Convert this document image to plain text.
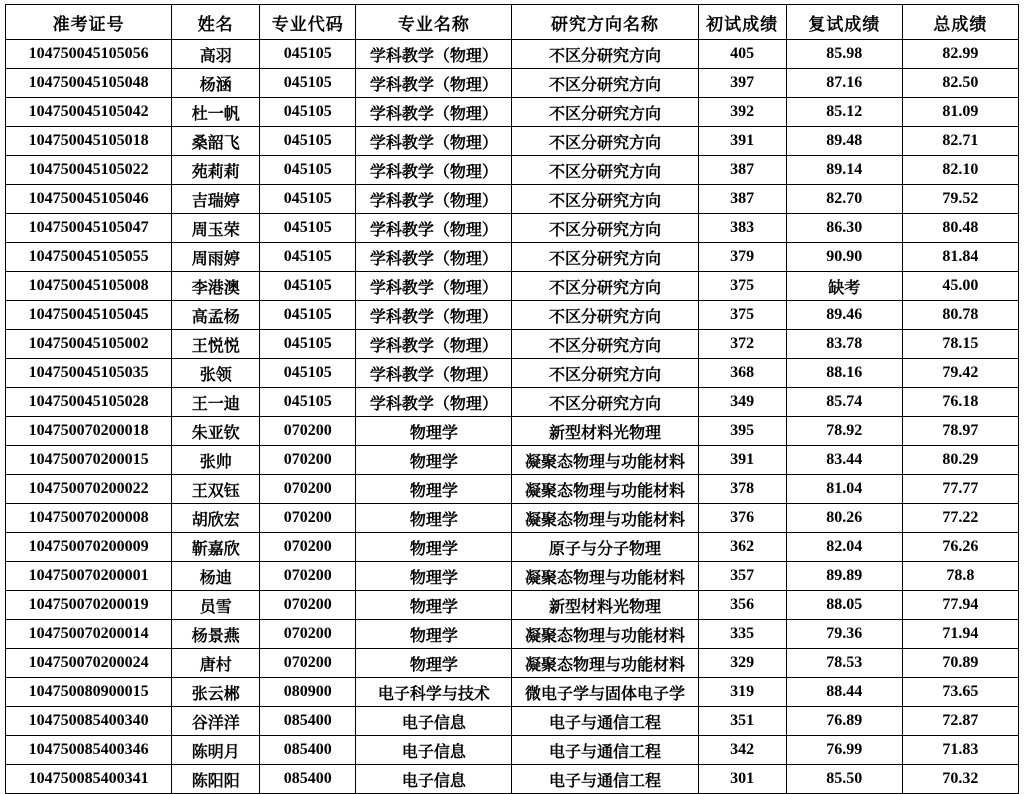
准考证号	姓名	专业代码	专业名称	研究方向名称	初试成绩	复试成绩	总成绩
104750045105056	高羽	045105	学科教学（物理）	不区分研究方向	405	85.98	82.99
104750045105048	杨涵	045105	学科教学（物理）	不区分研究方向	397	87.16	82.50
104750045105042	杜一帆	045105	学科教学（物理）	不区分研究方向	392	85.12	81.09
104750045105018	桑韶飞	045105	学科教学（物理）	不区分研究方向	391	89.48	82.71
104750045105022	苑莉莉	045105	学科教学（物理）	不区分研究方向	387	89.14	82.10
104750045105046	吉瑞婷	045105	学科教学（物理）	不区分研究方向	387	82.70	79.52
104750045105047	周玉荣	045105	学科教学（物理）	不区分研究方向	383	86.30	80.48
104750045105055	周雨婷	045105	学科教学（物理）	不区分研究方向	379	90.90	81.84
104750045105008	李港澳	045105	学科教学（物理）	不区分研究方向	375	缺考	45.00
104750045105045	高孟杨	045105	学科教学（物理）	不区分研究方向	375	89.46	80.78
104750045105002	王悦悦	045105	学科教学（物理）	不区分研究方向	372	83.78	78.15
104750045105035	张领	045105	学科教学（物理）	不区分研究方向	368	88.16	79.42
104750045105028	王一迪	045105	学科教学（物理）	不区分研究方向	349	85.74	76.18
104750070200018	朱亚钦	070200	物理学	新型材料光物理	395	78.92	78.97
104750070200015	张帅	070200	物理学	凝聚态物理与功能材料	391	83.44	80.29
104750070200022	王双钰	070200	物理学	凝聚态物理与功能材料	378	81.04	77.77
104750070200008	胡欣宏	070200	物理学	凝聚态物理与功能材料	376	80.26	77.22
104750070200009	靳嘉欣	070200	物理学	原子与分子物理	362	82.04	76.26
104750070200001	杨迪	070200	物理学	凝聚态物理与功能材料	357	89.89	78.8
104750070200019	员雪	070200	物理学	新型材料光物理	356	88.05	77.94
104750070200014	杨景燕	070200	物理学	凝聚态物理与功能材料	335	79.36	71.94
104750070200024	唐村	070200	物理学	凝聚态物理与功能材料	329	78.53	70.89
104750080900015	张云郴	080900	电子科学与技术	微电子学与固体电子学	319	88.44	73.65
104750085400340	谷洋洋	085400	电子信息	电子与通信工程	351	76.89	72.87
104750085400346	陈明月	085400	电子信息	电子与通信工程	342	76.99	71.83
104750085400341	陈阳阳	085400	电子信息	电子与通信工程	301	85.50	70.32
